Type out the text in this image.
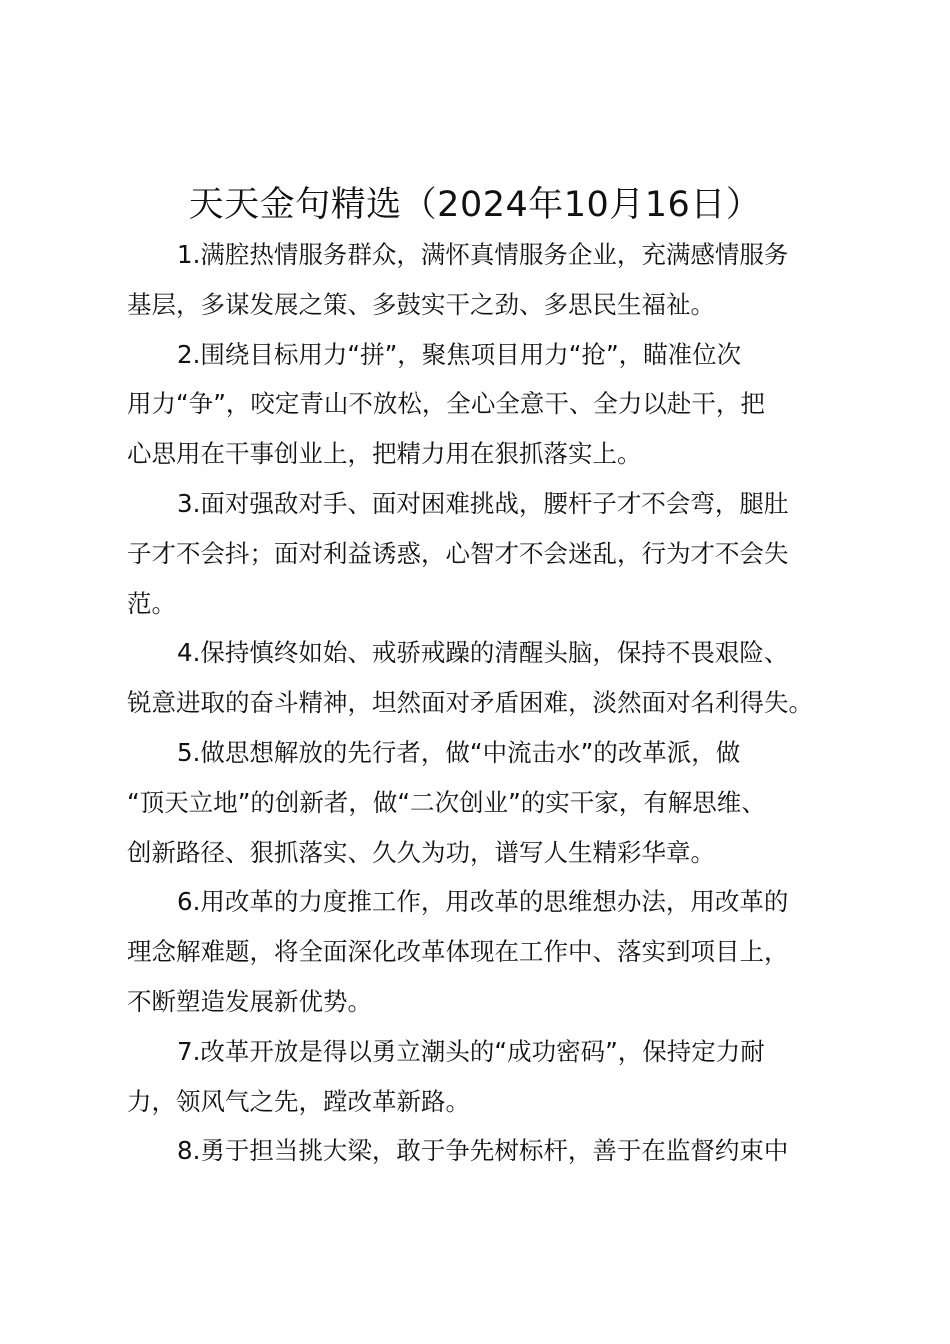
天天金句精选（2024年10月16日）
1.满腔热情服务群众，满怀真情服务企业，充满感情服务
基层，多谋发展之策、多鼓实干之劲、多思民生福祉。
2.围绕目标用力“拼”，聚焦项目用力“抢”，瞄准位次
用力“争”，咬定青山不放松，全心全意干、全力以赴干，把
心思用在干事创业上，把精力用在狠抓落实上。
3.面对强敌对手、面对困难挑战，腰杆子才不会弯，腿肚
子才不会抖；面对利益诱惑，心智才不会迷乱，行为才不会失
范。
4.保持慎终如始、戒骄戒躁的清醒头脑，保持不畏艰险、
锐意进取的奋斗精神，坦然面对矛盾困难，淡然面对名利得失。
5.做思想解放的先行者，做“中流击水”的改革派，做
“顶天立地”的创新者，做“二次创业”的实干家，有解思维、
创新路径、狠抓落实、久久为功，谱写人生精彩华章。
6.用改革的力度推工作，用改革的思维想办法，用改革的
理念解难题，将全面深化改革体现在工作中、落实到项目上，
不断塑造发展新优势。
7.改革开放是得以勇立潮头的“成功密码”，保持定力耐
力，领风气之先，蹚改革新路。
8.勇于担当挑大梁，敢于争先树标杆，善于在监督约束中
